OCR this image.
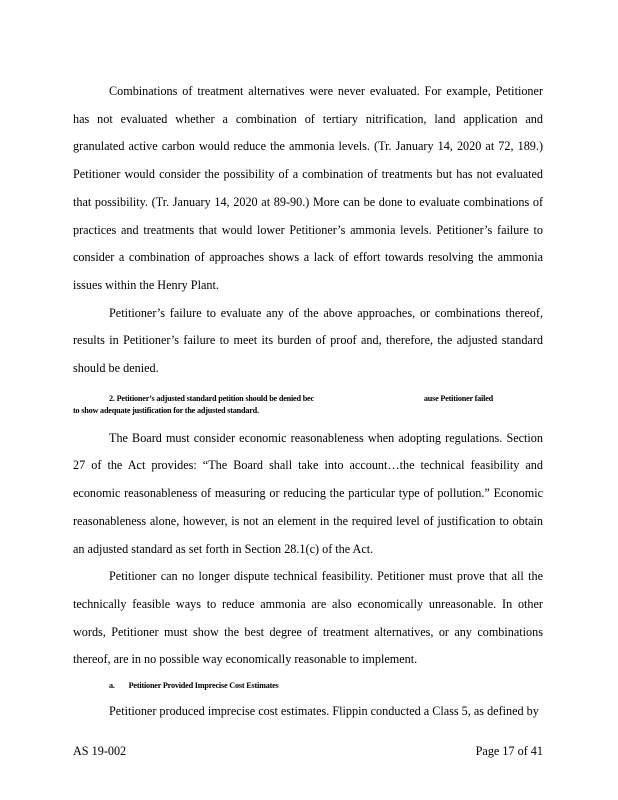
Combinations of treatment alternatives were never evaluated. For example, Petitioner has not evaluated whether a combination of tertiary nitrification, land application and granulated active carbon would reduce the ammonia levels. (Tr. January 14, 2020 at 72, 189.) Petitioner would consider the possibility of a combination of treatments but has not evaluated that possibility. (Tr. January 14, 2020 at 89-90.) More can be done to evaluate combinations of practices and treatments that would lower Petitioner’s ammonia levels. Petitioner’s failure to consider a combination of approaches shows a lack of effort towards resolving the ammonia issues within the Henry Plant.

Petitioner’s failure to evaluate any of the above approaches, or combinations thereof, results in Petitioner’s failure to meet its burden of proof and, therefore, the adjusted standard should be denied.

2. Petitioner’s adjusted standard petition should be denied bec	ause Petitioner failed
to show adequate justification for the adjusted standard.

The Board must consider economic reasonableness when adopting regulations. Section 27 of the Act provides: “The Board shall take into account…the technical feasibility and economic reasonableness of measuring or reducing the particular type of pollution.” Economic reasonableness alone, however, is not an element in the required level of justification to obtain an adjusted standard as set forth in Section 28.1(c) of the Act.

Petitioner can no longer dispute technical feasibility. Petitioner must prove that all the technically feasible ways to reduce ammonia are also economically unreasonable. In other words, Petitioner must show the best degree of treatment alternatives, or any combinations thereof, are in no possible way economically reasonable to implement.

a. Petitioner Provided Imprecise Cost Estimates

Petitioner produced imprecise cost estimates. Flippin conducted a Class 5, as defined by

AS 19-002	Page 17 of 41
